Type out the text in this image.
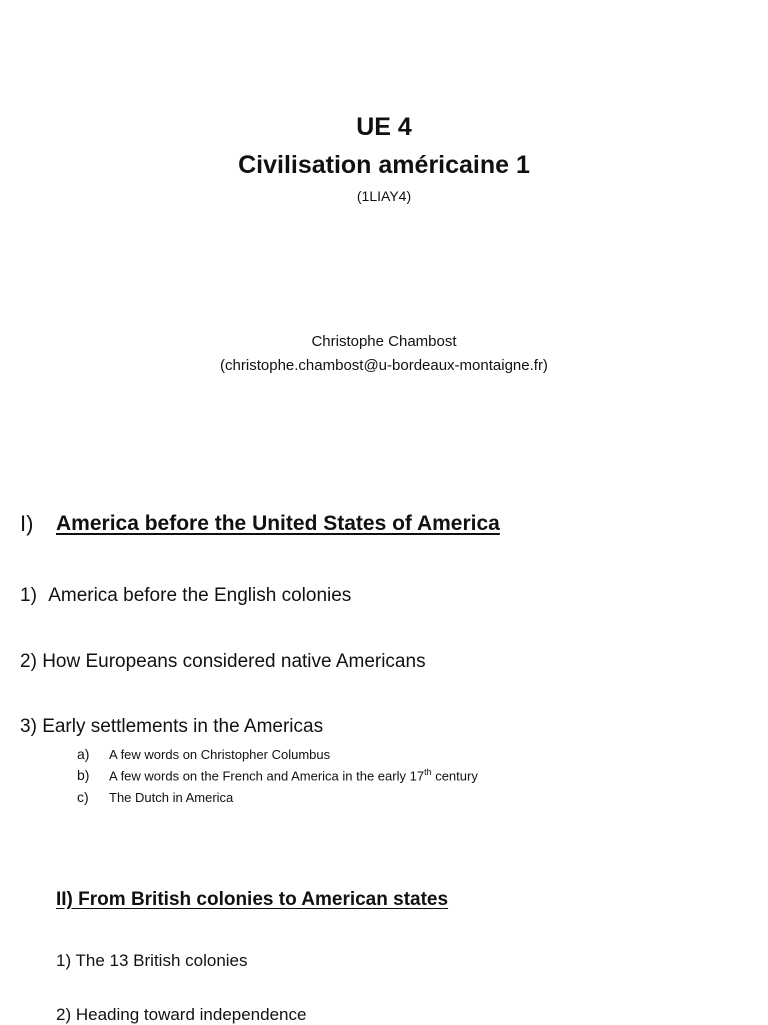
UE 4
Civilisation américaine 1
(1LIAY4)
Christophe Chambost
(christophe.chambost@u-bordeaux-montaigne.fr)
I) America before the United States of America
1) America before the English colonies
2) How Europeans considered native Americans
3) Early settlements in the Americas
a) A few words on Christopher Columbus
b) A few words on the French and America in the early 17th century
c) The Dutch in America
II) From British colonies to American states
1) The 13 British colonies
2) Heading toward independence
